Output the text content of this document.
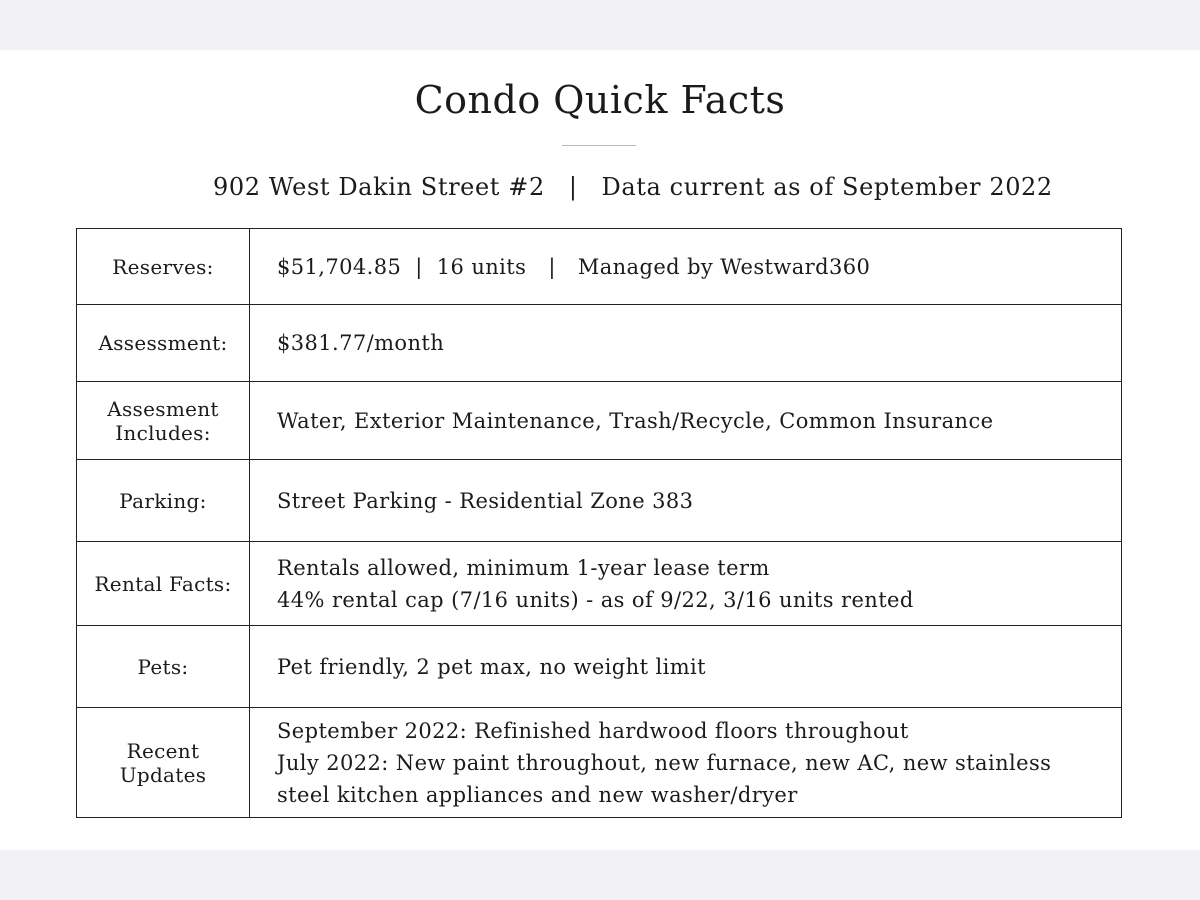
Condo Quick Facts
902 West Dakin Street #2 | Data current as of September 2022
Reserves:	$51,704.85 | 16 units | Managed by Westward360
Assessment:	$381.77/month

Assesment
Includes:	Water, Exterior Maintenance, Trash/Recycle, Common Insurance
Parking:	Street Parking - Residential Zone 383
Rental Facts:	Rentals allowed, minimum 1-year lease term
44% rental cap (7/16 units) - as of 9/22, 3/16 units rented

Pets:	Pet friendly, 2 pet max, no weight limit

Recent
Updates	September 2022: Refinished hardwood floors throughout
July 2022: New paint throughout, new furnace, new AC, new stainless
steel kitchen appliances and new washer/dryer
